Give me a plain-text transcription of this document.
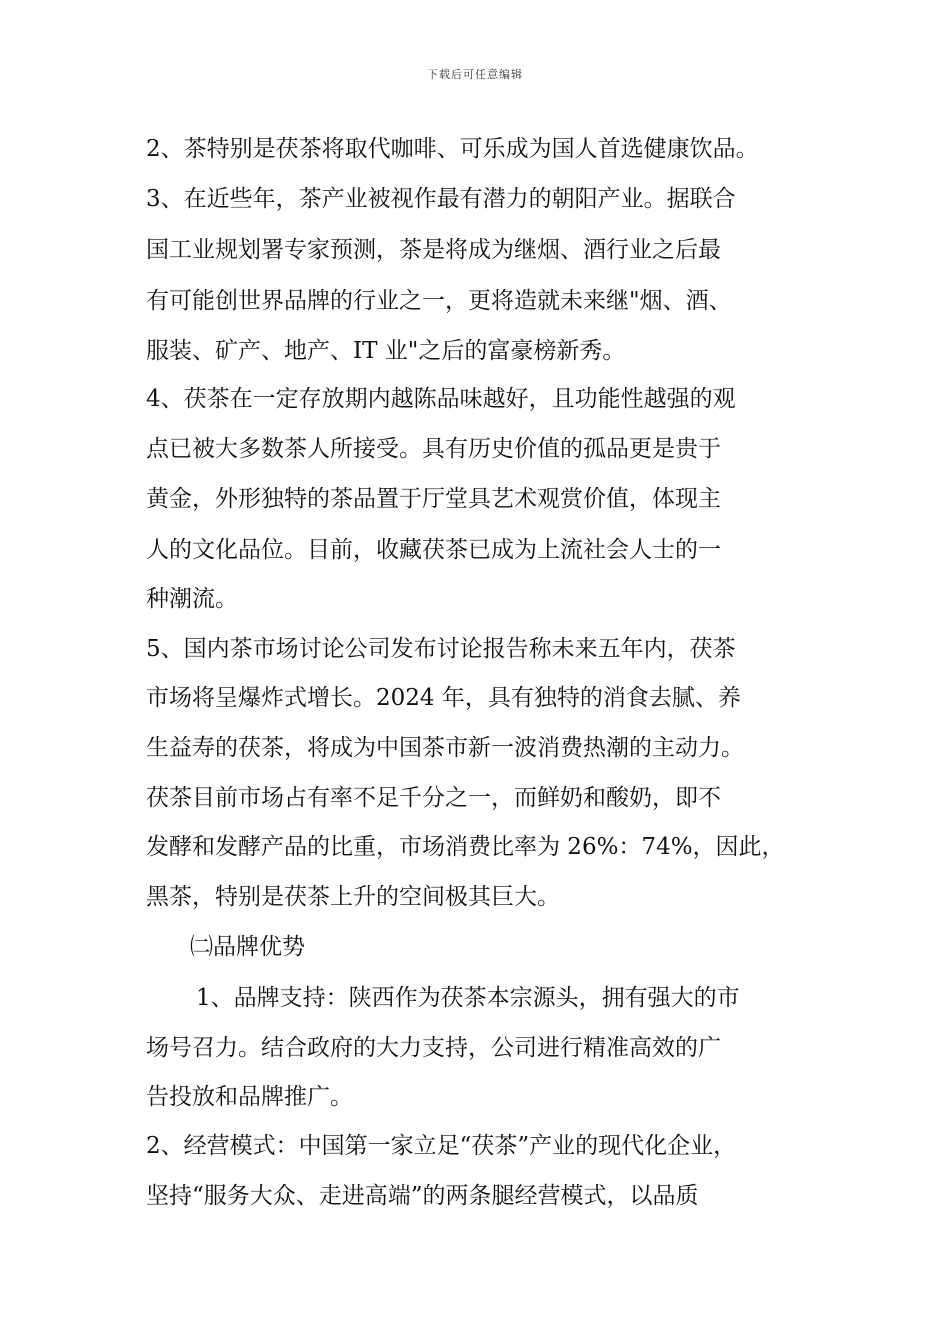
下载后可任意编辑
2、茶特别是茯茶将取代咖啡、可乐成为国人首选健康饮品。
3、在近些年，茶产业被视作最有潜力的朝阳产业。据联合
国工业规划署专家预测，茶是将成为继烟、酒行业之后最
有可能创世界品牌的行业之一，更将造就未来继"烟、酒、
服装、矿产、地产、IT 业"之后的富豪榜新秀。
4、茯茶在一定存放期内越陈品味越好，且功能性越强的观
点已被大多数茶人所接受。具有历史价值的孤品更是贵于
黄金，外形独特的茶品置于厅堂具艺术观赏价值，体现主
人的文化品位。目前，收藏茯茶已成为上流社会人士的一
种潮流。
5、国内茶市场讨论公司发布讨论报告称未来五年内，茯茶
市场将呈爆炸式增长。2024 年，具有独特的消食去腻、养
生益寿的茯茶，将成为中国茶市新一波消费热潮的主动力。
茯茶目前市场占有率不足千分之一，而鲜奶和酸奶，即不
发酵和发酵产品的比重，市场消费比率为 26%：74%，因此，
黑茶，特别是茯茶上升的空间极其巨大。
㈡品牌优势
1、品牌支持：陕西作为茯茶本宗源头，拥有强大的市
场号召力。结合政府的大力支持，公司进行精准高效的广
告投放和品牌推广。
2、经营模式：中国第一家立足“茯茶”产业的现代化企业，
坚持“服务大众、走进高端”的两条腿经营模式，以品质
